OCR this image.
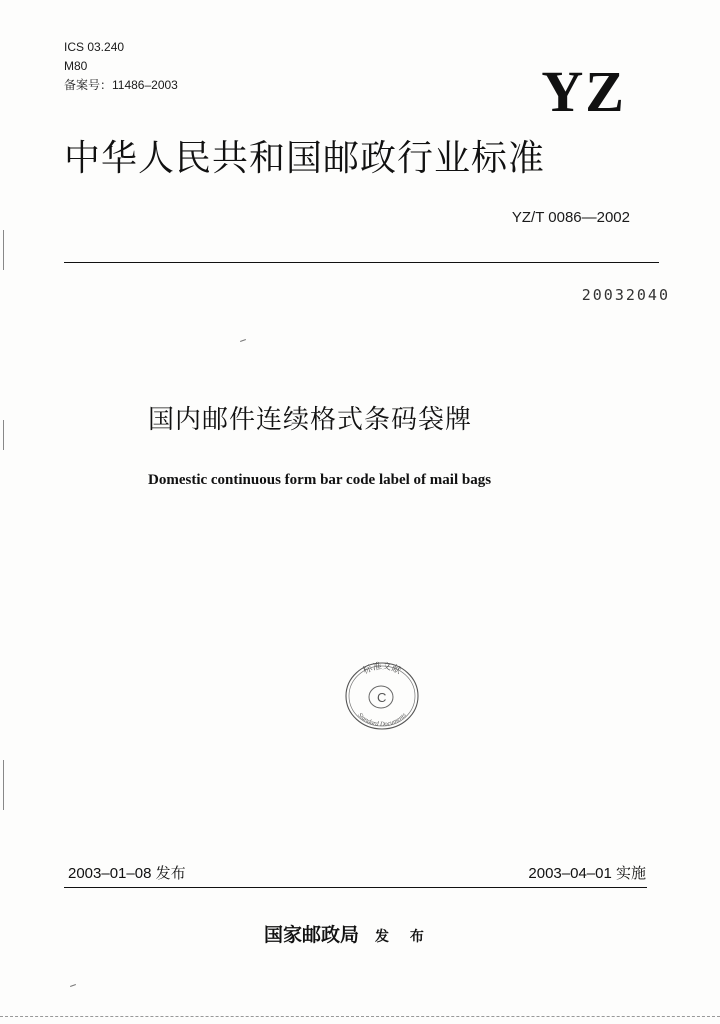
ICS 03.240
M80
备案号：11486–2003	YZ
中华人民共和国邮政行业标准
YZ/T 0086—2002
20032040
国内邮件连续格式条码袋牌
Domestic continuous form bar code label of mail bags
C
标准文献
Standard Documents
2003–01–08 发布	2003–04–01 实施
国家邮政局 发 布
